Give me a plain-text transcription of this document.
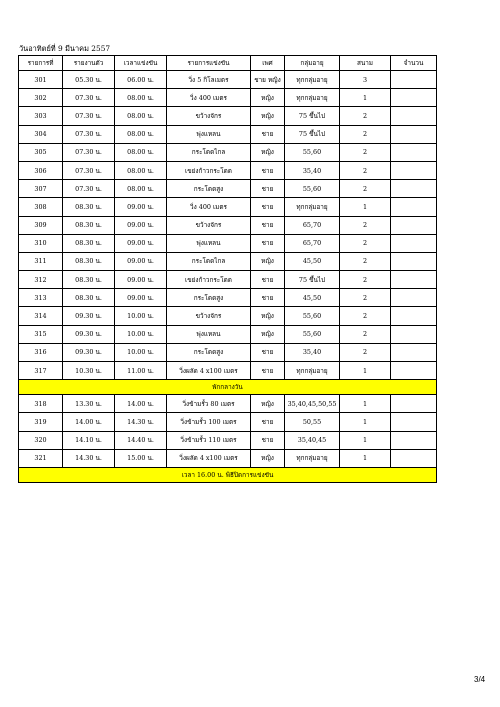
วันอาทิตย์ที่ 9 มีนาคม 2557
รายการที่	รายงานตัว	เวลาแข่งขัน	รายการแข่งขัน	เพศ	กลุ่มอายุ	สนาม	จำนวน
301	05.30 น.	06.00 น.	วิ่ง 5 กิโลเมตร	ชาย หญิง	ทุกกลุ่มอายุ	3	
302	07.30 น.	08.00 น.	วิ่ง 400 เมตร	หญิง	ทุกกลุ่มอายุ	1	
303	07.30 น.	08.00 น.	ขว้างจักร	หญิง	75 ขึ้นไป	2	
304	07.30 น.	08.00 น.	พุ่งแหลน	ชาย	75 ขึ้นไป	2	
305	07.30 น.	08.00 น.	กระโดดไกล	หญิง	55,60	2	
306	07.30 น.	08.00 น.	เขย่งก้าวกระโดด	ชาย	35,40	2	
307	07.30 น.	08.00 น.	กระโดดสูง	ชาย	55,60	2	
308	08.30 น.	09.00 น.	วิ่ง 400 เมตร	ชาย	ทุกกลุ่มอายุ	1	
309	08.30 น.	09.00 น.	ขว้างจักร	ชาย	65,70	2	
310	08.30 น.	09.00 น.	พุ่งแหลน	ชาย	65,70	2	
311	08.30 น.	09.00 น.	กระโดดไกล	หญิง	45,50	2	
312	08.30 น.	09.00 น.	เขย่งก้าวกระโดด	ชาย	75 ขึ้นไป	2	
313	08.30 น.	09.00 น.	กระโดดสูง	ชาย	45,50	2	
314	09.30 น.	10.00 น.	ขว้างจักร	หญิง	55,60	2	
315	09.30 น.	10.00 น.	พุ่งแหลน	หญิง	55,60	2	
316	09.30 น.	10.00 น.	กระโดดสูง	ชาย	35,40	2	
317	10.30 น.	11.00 น.	วิ่งผลัด 4 x100 เมตร	ชาย	ทุกกลุ่มอายุ	1	
พักกลางวัน							
318	13.30 น.	14.00 น.	วิ่งข้ามรั้ว 80 เมตร	หญิง	35,40,45,50,55	1	
319	14.00 น.	14.30 น.	วิ่งข้ามรั้ว 100 เมตร	ชาย	50,55	1	
320	14.10 น.	14.40 น.	วิ่งข้ามรั้ว 110 เมตร	ชาย	35,40,45	1	
321	14.30 น.	15.00 น.	วิ่งผลัด 4 x100 เมตร	หญิง	ทุกกลุ่มอายุ	1	
เวลา 16.00 น. พิธีปิดการแข่งขัน							
3/4
